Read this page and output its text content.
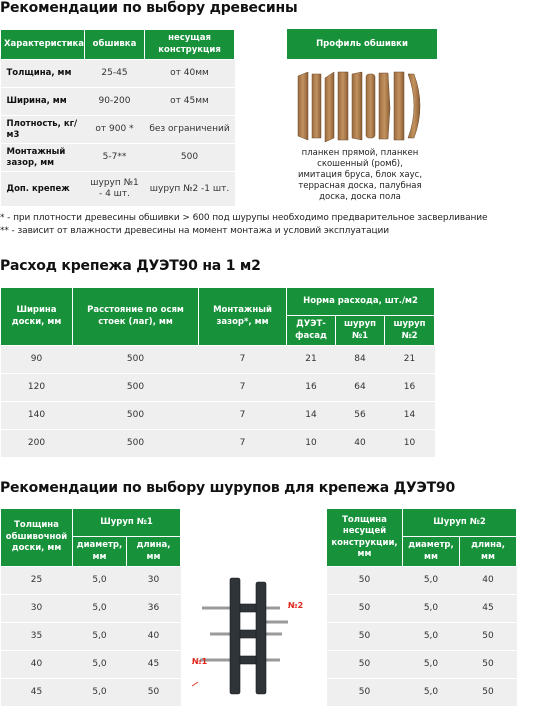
Рекомендации по выбору древесины
Характеристика	обшивка	несущая конструкция
Толщина, мм	25-45	от 40мм
Ширина, мм	90-200	от 45мм
Плотность, кг/м3	от 900 *	без ограничений
Монтажный зазор, мм	5-7**	500
Доп. крепеж	шуруп №1 - 4 шт.	шуруп №2 -1 шт.
Профиль обшивки
планкен прямой, планкен скошенный (ромб), имитация бруса, блок хаус, террасная доска, палубная доска, доска пола
* - при плотности древесины обшивки > 600 под шурупы необходимо предварительное засверливание
** - зависит от влажности древесины на момент монтажа и условий эксплуатации
Расход крепежа ДУЭТ90 на 1 м2
Ширина доски, мм	Расстояние по осям стоек (лаг), мм	Монтажный зазор*, мм	Норма расхода, шт./м2		
			ДУЭТ-фасад	шуруп №1	шуруп №2
90	500	7	21	84	21
120	500	7	16	64	16
140	500	7	14	56	14
200	500	7	10	40	10
Рекомендации по выбору шурупов для крепежа ДУЭТ90
Толщина обшивочной доски, мм	Шуруп №1	
	диаметр, мм	длина, мм
25	5,0	30
30	5,0	36
35	5,0	40
40	5,0	45
45	5,0	50
№1
№2
Толщина несущей конструкции, мм	Шуруп №2	
	диаметр, мм	длина, мм
50	5,0	40
50	5,0	45
50	5,0	50
50	5,0	50
50	5,0	50
